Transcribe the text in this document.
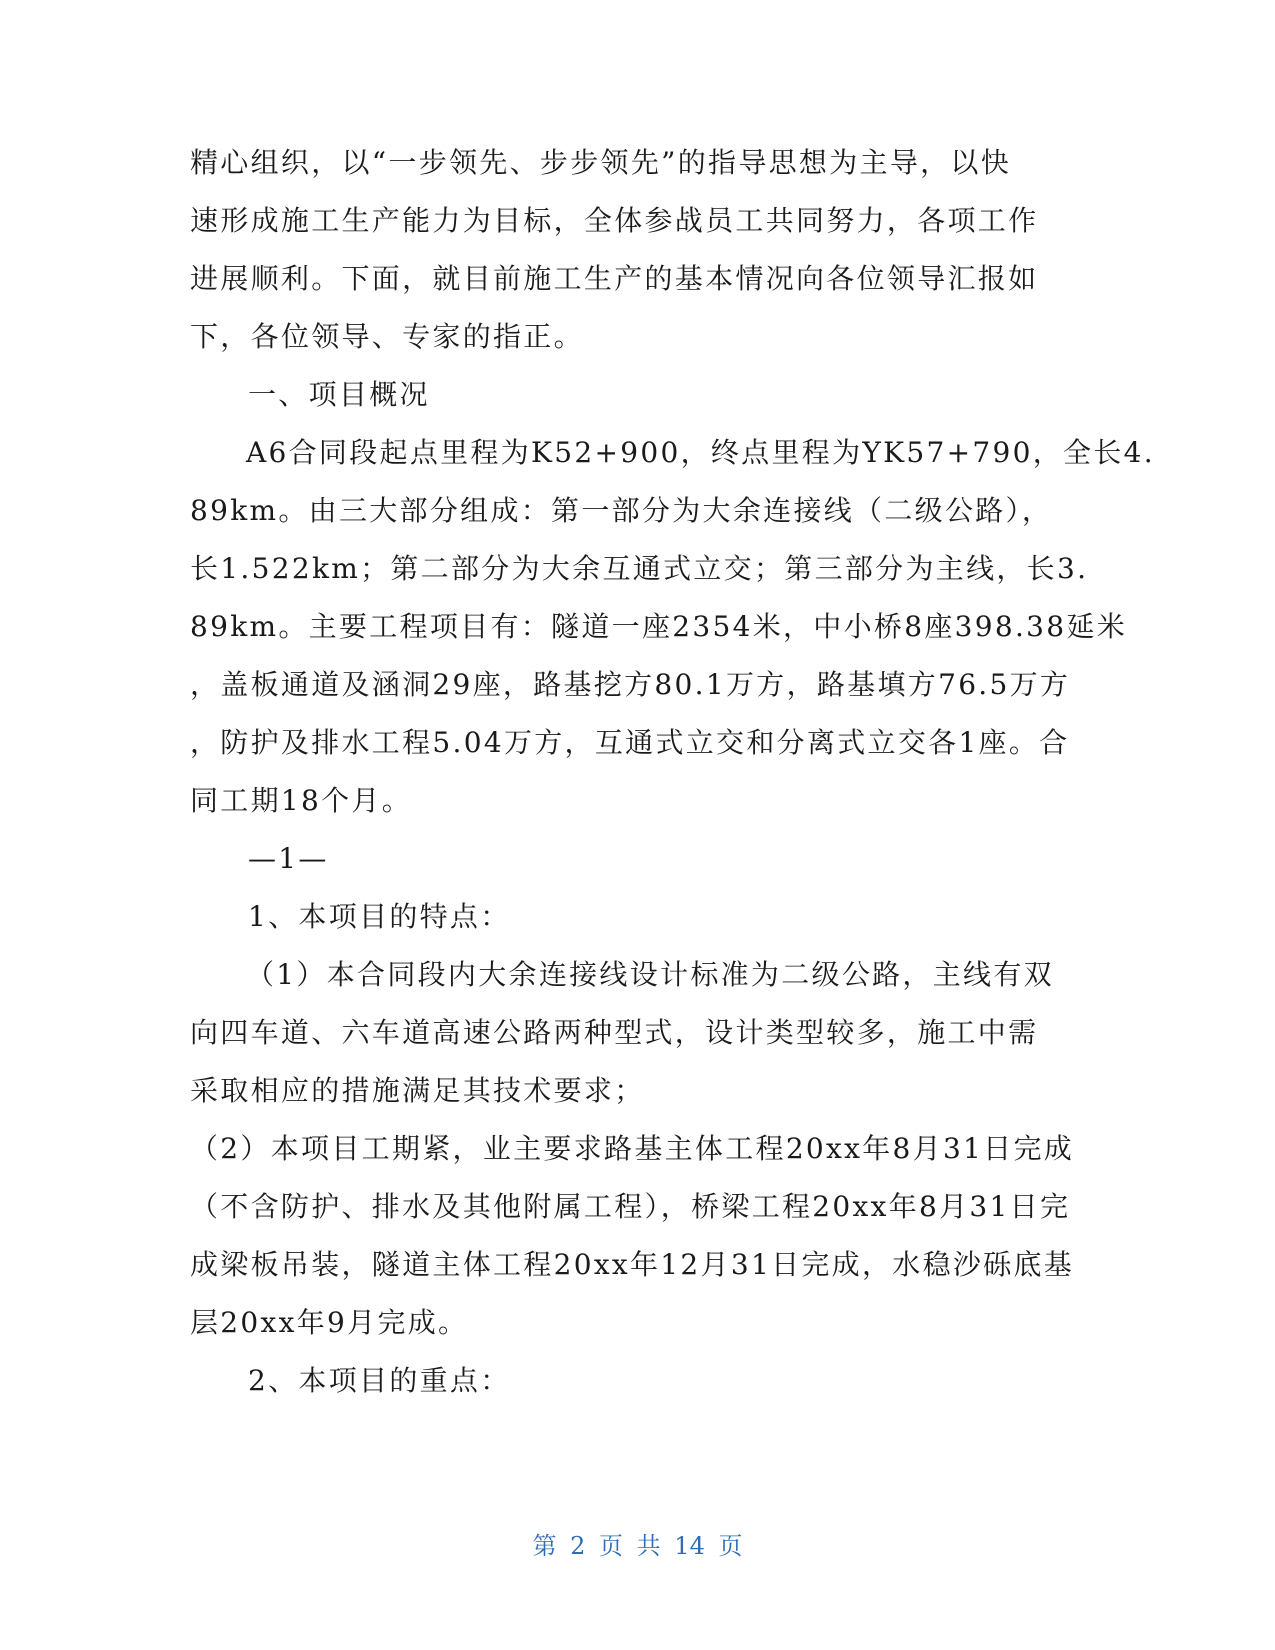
精心组织，以“一步领先、步步领先”的指导思想为主导，以快
速形成施工生产能力为目标，全体参战员工共同努力，各项工作
进展顺利。下面，就目前施工生产的基本情况向各位领导汇报如
下，各位领导、专家的指正。
一、项目概况
A6合同段起点里程为K52+900，终点里程为YK57+790，全长4.
89km。由三大部分组成：第一部分为大余连接线（二级公路），
长1.522km；第二部分为大余互通式立交；第三部分为主线，长3.
89km。主要工程项目有：隧道一座2354米，中小桥8座398.38延米
，盖板通道及涵洞29座，路基挖方80.1万方，路基填方76.5万方
，防护及排水工程5.04万方，互通式立交和分离式立交各1座。合
同工期18个月。
—1—
1、本项目的特点：
（1）本合同段内大余连接线设计标准为二级公路，主线有双
向四车道、六车道高速公路两种型式，设计类型较多，施工中需
采取相应的措施满足其技术要求；
（2）本项目工期紧，业主要求路基主体工程20xx年8月31日完成
（不含防护、排水及其他附属工程），桥梁工程20xx年8月31日完
成梁板吊装，隧道主体工程20xx年12月31日完成，水稳沙砾底基
层20xx年9月完成。
2、本项目的重点：
第 2 页 共 14 页
